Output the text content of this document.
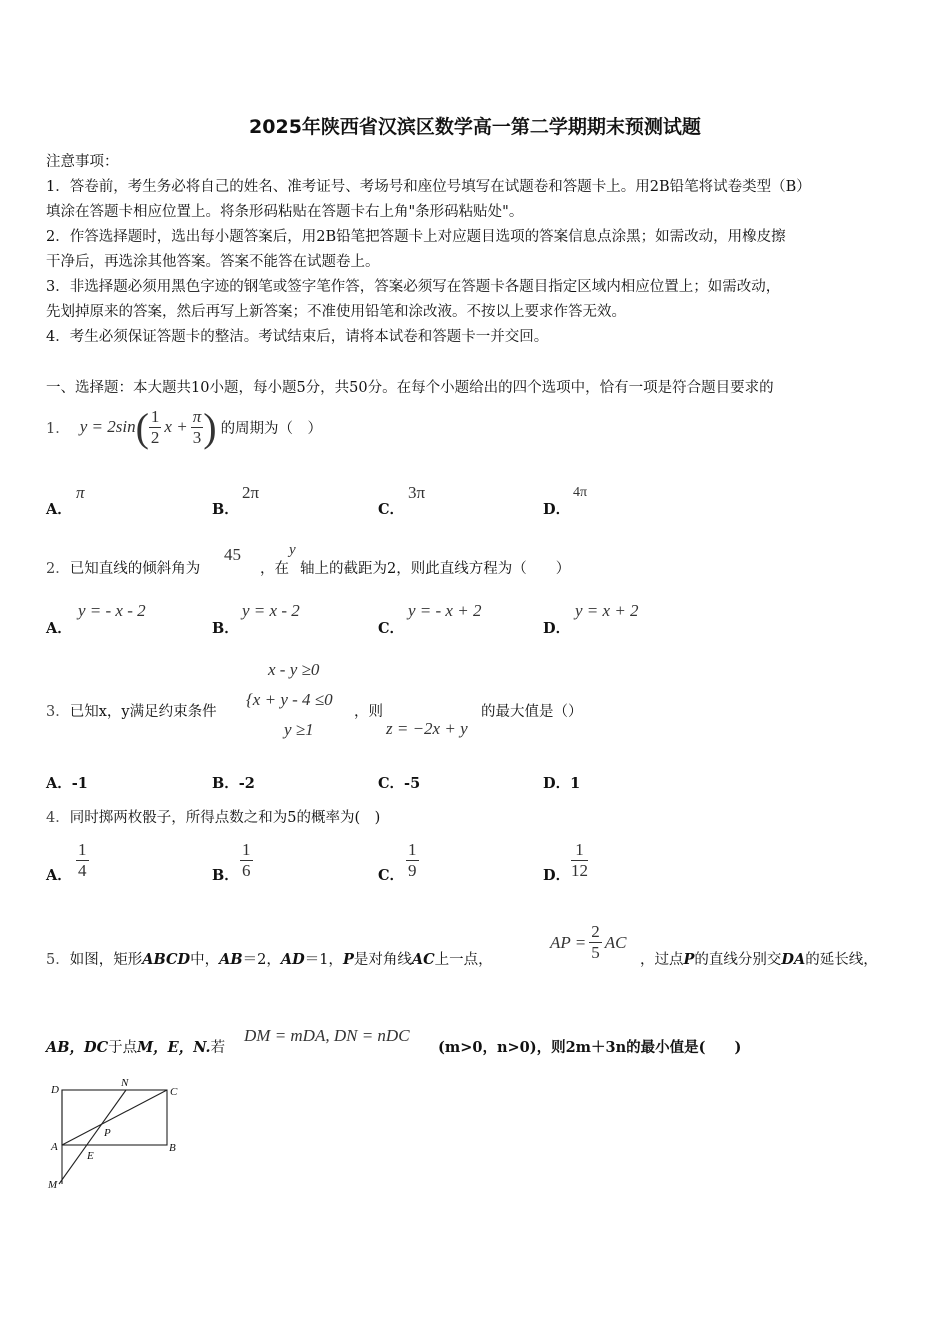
2025年陕西省汉滨区数学高一第二学期期末预测试题
注意事项：
1．答卷前，考生务必将自己的姓名、准考证号、考场号和座位号填写在试题卷和答题卡上。用2B铅笔将试卷类型（B）
填涂在答题卡相应位置上。将条形码粘贴在答题卡右上角"条形码粘贴处"。
2．作答选择题时，选出每小题答案后，用2B铅笔把答题卡上对应题目选项的答案信息点涂黑；如需改动，用橡皮擦
干净后，再选涂其他答案。答案不能答在试题卷上。
3．非选择题必须用黑色字迹的钢笔或签字笔作答，答案必须写在答题卡各题目指定区域内相应位置上；如需改动，
先划掉原来的答案，然后再写上新答案；不准使用铅笔和涂改液。不按以上要求作答无效。
4．考生必须保证答题卡的整洁。考试结束后，请将本试卷和答题卡一并交回。
一、选择题：本大题共10小题，每小题5分，共50分。在每个小题给出的四个选项中，恰有一项是符合题目要求的
1． y = 2sin ( $\frac{1}{2}$ $x + \frac{\pi}{3}$ ) 的周期为（　）
A．
π
B．
2π
C．
3π
D．
4π
2．已知直线的倾斜角为
45
，在
y
轴上的截距为2，则此直线方程为（　　）
A．
y = - x - 2
B．
y = x - 2
C．
y = - x + 2
D．
y = x + 2
3．已知x，y满足约束条件
x - y ≥0
{x + y - 4 ≤0
y ≥1
，则
z = −2x + y
的最大值是（）
A．-1	B．-2	C．-5	D．1
4．同时掷两枚骰子，所得点数之和为5的概率为(　)
A． $\frac{1}{4}$	B． $\frac{1}{6}$	C． $\frac{1}{9}$	D． $\frac{1}{12}$
5．如图，矩形ABCD中，AB＝2，AD＝1，P是对角线AC上一点，
AP = $\frac{2}{5}$ AC
，过点P的直线分别交DA的延长线，
AB，DC于点M，E，N.若
DM = mDA, DN = nDC
(m>0，n>0)，则2m＋3n的最小值是(　　)
D
N
C
A
P
B
E
M
